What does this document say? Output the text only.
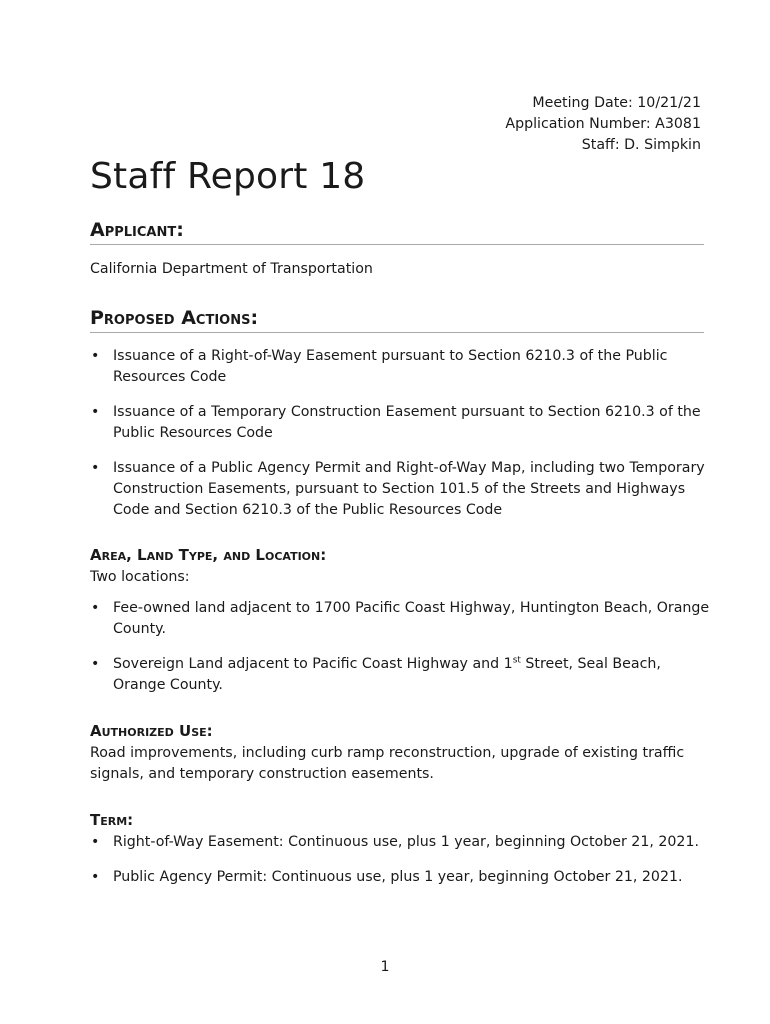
Meeting Date: 10/21/21
Application Number: A3081
Staff: D. Simpkin
Staff Report 18
Applicant:
California Department of Transportation
Proposed Actions:
• Issuance of a Right-of-Way Easement pursuant to Section 6210.3 of the Public Resources Code
• Issuance of a Temporary Construction Easement pursuant to Section 6210.3 of the Public Resources Code
• Issuance of a Public Agency Permit and Right-of-Way Map, including two Temporary Construction Easements, pursuant to Section 101.5 of the Streets and Highways Code and Section 6210.3 of the Public Resources Code
Area, Land Type, and Location:
Two locations:
• Fee-owned land adjacent to 1700 Pacific Coast Highway, Huntington Beach, Orange County.
• Sovereign Land adjacent to Pacific Coast Highway and 1st Street, Seal Beach, Orange County.
Authorized Use:
Road improvements, including curb ramp reconstruction, upgrade of existing traffic signals, and temporary construction easements.
Term:
• Right-of-Way Easement: Continuous use, plus 1 year, beginning October 21, 2021.
• Public Agency Permit: Continuous use, plus 1 year, beginning October 21, 2021.
1
